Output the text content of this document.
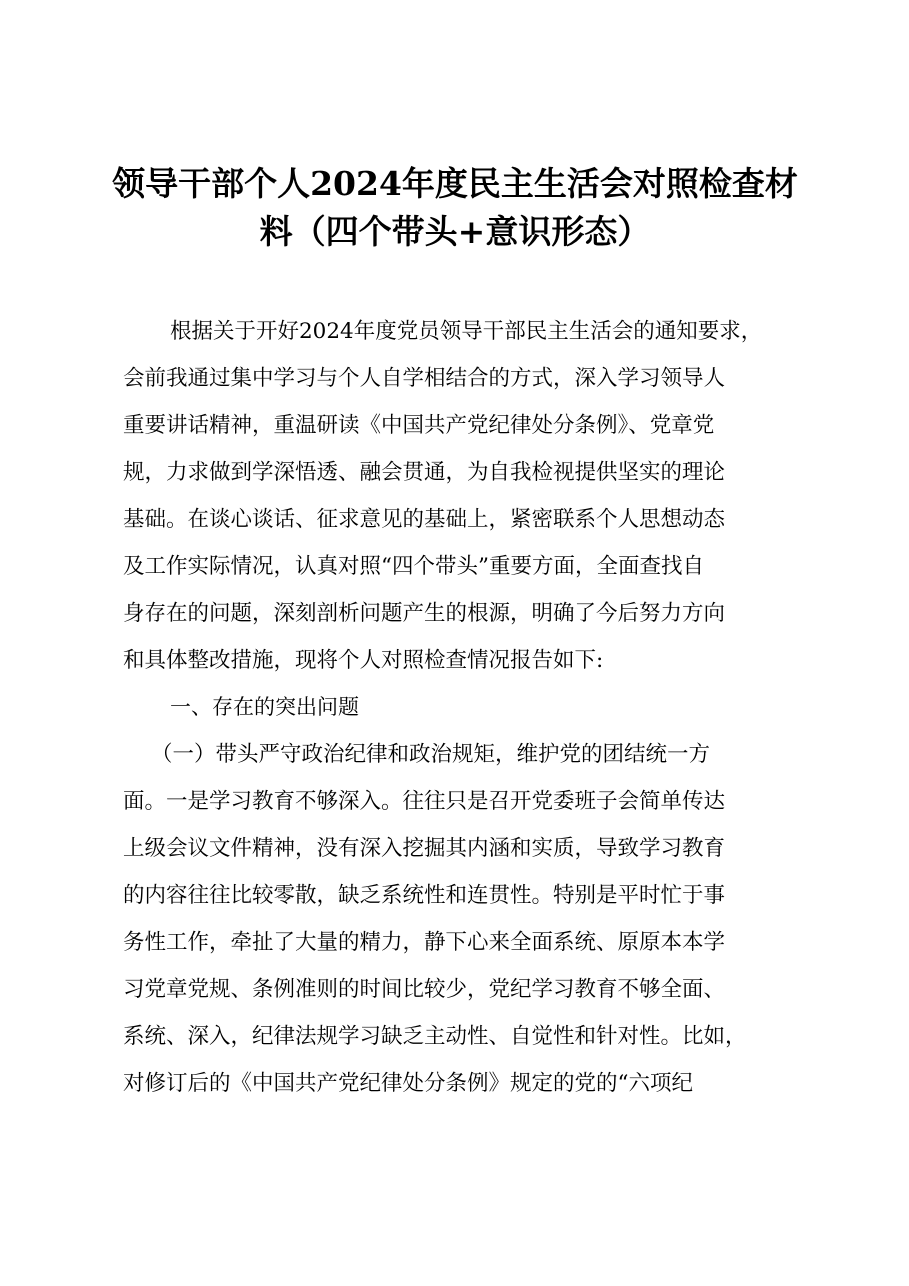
领导干部个人2024年度民主生活会对照检查材
料（四个带头+意识形态）
根据关于开好2024年度党员领导干部民主生活会的通知要求，
会前我通过集中学习与个人自学相结合的方式，深入学习领导人
重要讲话精神，重温研读《中国共产党纪律处分条例》、党章党
规，力求做到学深悟透、融会贯通，为自我检视提供坚实的理论
基础。在谈心谈话、征求意见的基础上，紧密联系个人思想动态
及工作实际情况，认真对照“四个带头”重要方面，全面查找自
身存在的问题，深刻剖析问题产生的根源，明确了今后努力方向
和具体整改措施，现将个人对照检查情况报告如下:
一、存在的突出问题
（一）带头严守政治纪律和政治规矩，维护党的团结统一方
面。一是学习教育不够深入。往往只是召开党委班子会简单传达
上级会议文件精神，没有深入挖掘其内涵和实质，导致学习教育
的内容往往比较零散，缺乏系统性和连贯性。特别是平时忙于事
务性工作，牵扯了大量的精力，静下心来全面系统、原原本本学
习党章党规、条例准则的时间比较少，党纪学习教育不够全面、
系统、深入，纪律法规学习缺乏主动性、自觉性和针对性。比如，
对修订后的《中国共产党纪律处分条例》规定的党的“六项纪
